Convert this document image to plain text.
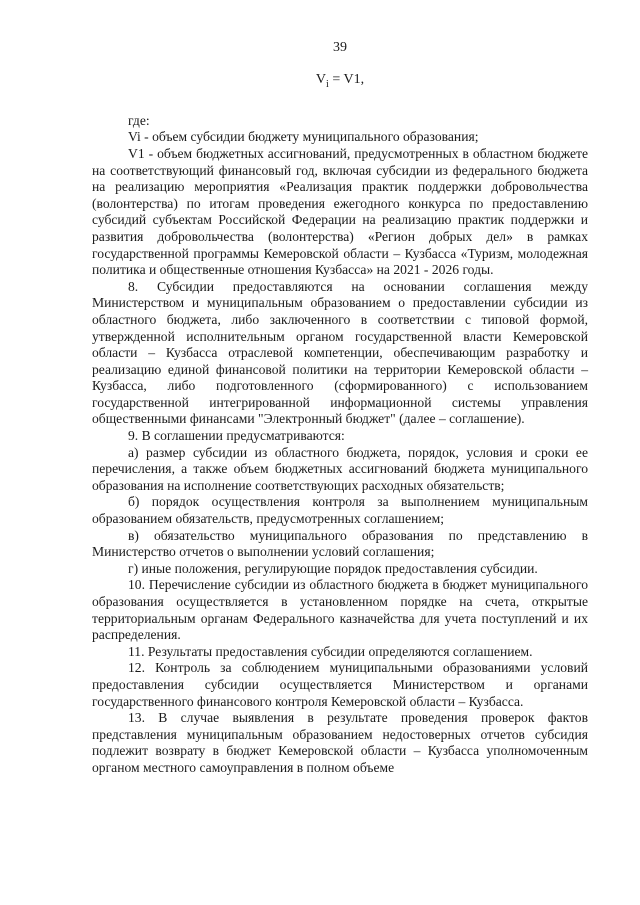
39
$V_i = V1$,

где:

Vi - объем субсидии бюджету муниципального образования;

V1 - объем бюджетных ассигнований, предусмотренных в областном бюджете на соответствующий финансовый год, включая субсидии из федерального бюджета на реализацию мероприятия «Реализация практик поддержки добровольчества (волонтерства) по итогам проведения ежегодного конкурса по предоставлению субсидий субъектам Российской Федерации на реализацию практик поддержки и развития добровольчества (волонтерства) «Регион добрых дел» в рамках государственной программы Кемеровской области – Кузбасса «Туризм, молодежная политика и общественные отношения Кузбасса» на 2021 - 2026 годы.

8. Субсидии предоставляются на основании соглашения между Министерством и муниципальным образованием о предоставлении субсидии из областного бюджета, либо заключенного в соответствии с типовой формой, утвержденной исполнительным органом государственной власти Кемеровской области – Кузбасса отраслевой компетенции, обеспечивающим разработку и реализацию единой финансовой политики на территории Кемеровской области – Кузбасса, либо подготовленного (сформированного) с использованием государственной интегрированной информационной системы управления общественными финансами "Электронный бюджет" (далее – соглашение).

9. В соглашении предусматриваются:

а) размер субсидии из областного бюджета, порядок, условия и сроки ее перечисления, а также объем бюджетных ассигнований бюджета муниципального образования на исполнение соответствующих расходных обязательств;

б) порядок осуществления контроля за выполнением муниципальным образованием обязательств, предусмотренных соглашением;

в) обязательство муниципального образования по представлению в Министерство отчетов о выполнении условий соглашения;

г) иные положения, регулирующие порядок предоставления субсидии.

10. Перечисление субсидии из областного бюджета в бюджет муниципального образования осуществляется в установленном порядке на счета, открытые территориальным органам Федерального казначейства для учета поступлений и их распределения.

11. Результаты предоставления субсидии определяются соглашением.

12. Контроль за соблюдением муниципальными образованиями условий предоставления субсидии осуществляется Министерством и органами государственного финансового контроля Кемеровской области – Кузбасса.

13. В случае выявления в результате проведения проверок фактов представления муниципальным образованием недостоверных отчетов субсидия подлежит возврату в бюджет Кемеровской области – Кузбасса уполномоченным органом местного самоуправления в полном объеме
